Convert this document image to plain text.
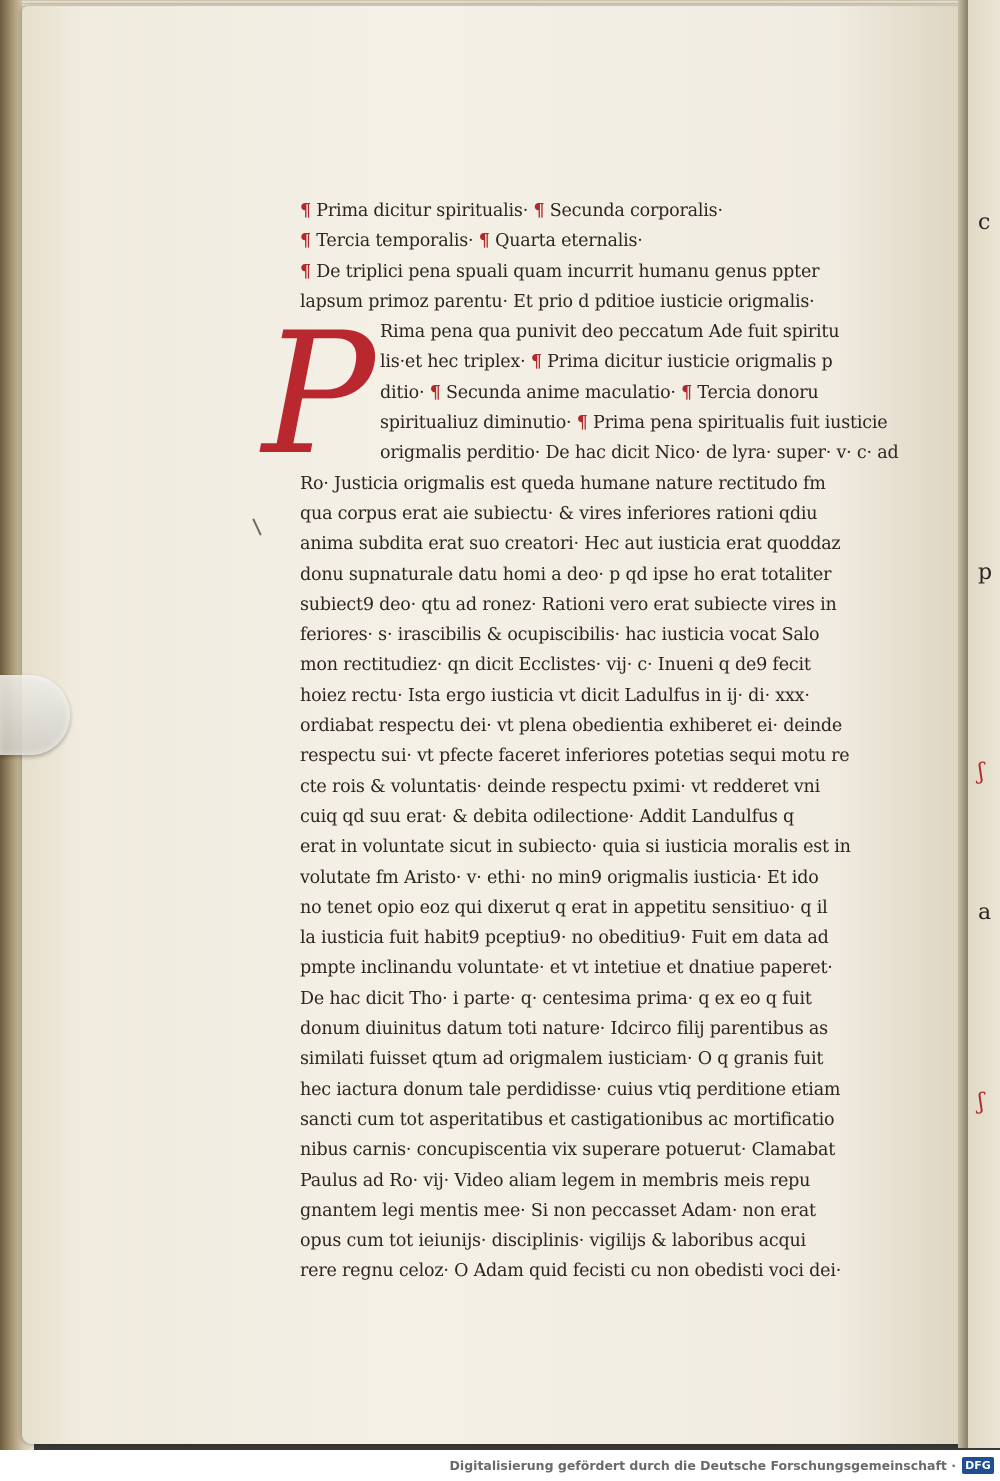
c
p
ʃ
a
ʃ
P
¶ Prima dicitur spiritualis· ¶ Secunda corporalis·
¶ Tercia temporalis· ¶ Quarta eternalis·
¶ De triplici pena spuali quam incurrit humanu genus ppter
lapsum primoz parentu· Et prio d pditioe iusticie origmalis·
Rima pena qua punivit deo peccatum Ade fuit spiritu
lis·et hec triplex· ¶ Prima dicitur iusticie origmalis p
ditio· ¶ Secunda anime maculatio· ¶ Tercia donoru
spiritualiuz diminutio· ¶ Prima pena spiritualis fuit iusticie
origmalis perditio· De hac dicit Nico· de lyra· super· v· c· ad
Ro· Justicia origmalis est queda humane nature rectitudo fm
qua corpus erat aie subiectu· & vires inferiores rationi qdiu
anima subdita erat suo creatori· Hec aut iusticia erat quoddaz
donu supnaturale datu homi a deo· p qd ipse ho erat totaliter
subiect9 deo· qtu ad ronez· Rationi vero erat subiecte vires in
feriores· s· irascibilis & ocupiscibilis· hac iusticia vocat Salo
mon rectitudiez· qn dicit Ecclistes· vij· c· Inueni q de9 fecit
hoiez rectu· Ista ergo iusticia vt dicit Ladulfus in ij· di· xxx·
ordiabat respectu dei· vt plena obedientia exhiberet ei· deinde
respectu sui· vt pfecte faceret inferiores potetias sequi motu re
cte rois & voluntatis· deinde respectu pximi· vt redderet vni
cuiq qd suu erat· & debita odilectione· Addit Landulfus q
erat in voluntate sicut in subiecto· quia si iusticia moralis est in
volutate fm Aristo· v· ethi· no min9 origmalis iusticia· Et ido
no tenet opio eoz qui dixerut q erat in appetitu sensitiuo· q il
la iusticia fuit habit9 pceptiu9· no obeditiu9· Fuit em data ad
pmpte inclinandu voluntate· et vt intetiue et dnatiue paperet·
De hac dicit Tho· i parte· q· centesima prima· q ex eo q fuit
donum diuinitus datum toti nature· Idcirco filij parentibus as
similati fuisset qtum ad origmalem iusticiam· O q granis fuit
hec iactura donum tale perdidisse· cuius vtiq perditione etiam
sancti cum tot asperitatibus et castigationibus ac mortificatio
nibus carnis· concupiscentia vix superare potuerut· Clamabat
Paulus ad Ro· vij· Video aliam legem in membris meis repu
gnantem legi mentis mee· Si non peccasset Adam· non erat
opus cum tot ieiunijs· disciplinis· vigilijs & laboribus acqui
rere regnu celoz· O Adam quid fecisti cu non obedisti voci dei·
Digitalisierung gefördert durch die Deutsche Forschungsgemeinschaft · DFG
